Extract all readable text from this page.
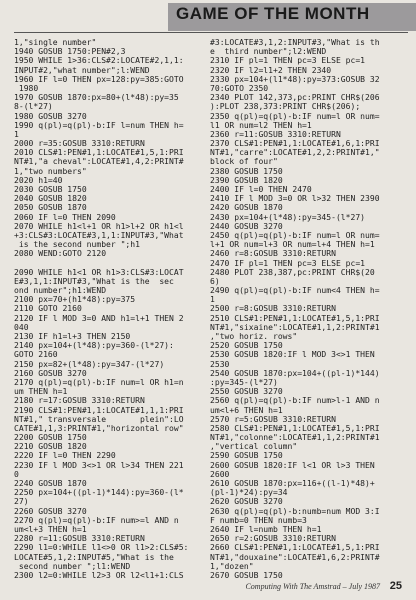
GAME OF THE MONTH
1,"single number"
1940 GOSUB 1750:PEN#2,3
1950 WHILE 1>36:CLS#2:LOCATE#2,1,1:
INPUT#2,"what number";l:WEND
1960 IF l=0 THEN px=128:py=385:GOTO
1980
1970 GOSUB 1870:px=80+(l*48):py=35
8-(l*27)
1980 GOSUB 3270
1990 q(pl)=q(pl)-b:IF l=num THEN h=
1
2000 r=35:GOSUB 3310:RETURN
2010 CLS#1:PEN#1,1:LOCATE#1,5,1:PRI
NT#1,"a cheval":LOCATE#1,4,2:PRINT#
1,"two numbers"
2020 h1=40
2030 GOSUB 1750
2040 GOSUB 1820
2050 GOSUB 1870
2060 IF l=0 THEN 2090
2070 WHILE h1<l+1 OR h1>l+2 OR h1<l
+3:CLS#3:LOCATE#3,1,1:INPUT#3,"What
is the second number ";h1
2080 WEND:GOTO 2120
2090 WHILE h1<1 OR h1>3:CLS#3:LOCAT
E#3,1,1:INPUT#3,"What is the  sec
ond number";h1:WEND
2100 px=70+(h1*48):py=375
2110 GOTO 2160
2120 IF l MOD 3=0 AND h1=l+1 THEN 2
040
2130 IF h1=l+3 THEN 2150
2140 px=104+(l*48):py=360-(l*27):
GOTO 2160
2150 px=82+(l*48):py=347-(l*27)
2160 GOSUB 3270
2170 q(pl)=q(pl)-b:IF num=l OR h1=n
um THEN h=1
2180 r=17:GOSUB 3310:RETURN
2190 CLS#1:PEN#1,1:LOCATE#1,1,1:PRI
NT#1," transversale       plein":LO
CATE#1,1,3:PRINT#1,"horizontal row"
2200 GOSUB 1750
2210 GOSUB 1820
2220 IF l=0 THEN 2290
2230 IF l MOD 3<>1 OR l>34 THEN 221
0
2240 GOSUB 1870
2250 px=104+((pl-1)*144):py=360-(l*
27)
2260 GOSUB 3270
2270 q(pl)=q(pl)-b:IF num>=l AND n
um<l+3 THEN h=1
2280 r=11:GOSUB 3310:RETURN
2290 l1=0:WHILE l1<>0 OR l1>2:CLS#5:
LOCATE#5,1,2:INPUT#5,"What is the
second number ";l1:WEND
2300 l2=0:WHILE l2>3 OR l2<l1+1:CLS
#3:LOCATE#3,1,2:INPUT#3,"What is th
e  third number";l2:WEND
2310 IF pl=1 THEN pc=3 ELSE pc=1
2320 IF l2=l1+2 THEN 2340
2330 px=104+(l1*48):py=373:GOSUB 32
70:GOTO 2350
2340 PLOT 142,373,pc:PRINT CHR$(206
):PLOT 238,373:PRINT CHR$(206);
2350 q(pl)=q(pl)-b:IF num=l OR num=
l1 OR num=l2 THEN h=1
2360 r=11:GOSUB 3310:RETURN
2370 CLS#1:PEN#1,1:LOCATE#1,6,1:PRI
NT#1,"carre":LOCATE#1,2,2:PRINT#1,"
block of four"
2380 GOSUB 1750
2390 GOSUB 1820
2400 IF l=0 THEN 2470
2410 IF l MOD 3=0 OR l>32 THEN 2390
2420 GOSUB 1870
2430 px=104+(l*48):py=345-(l*27)
2440 GOSUB 3270
2450 q(pl)=q(pl)-b:IF num=l OR num=
l+1 OR num=l+3 OR num=l+4 THEN h=1
2460 r=8:GOSUB 3310:RETURN
2470 IF pl=1 THEN pc=3 ELSE pc=1
2480 PLOT 238,387,pc:PRINT CHR$(20
6)
2490 q(pl)=q(pl)-b:IF num<4 THEN h=
1
2500 r=8:GOSUB 3310:RETURN
2510 CLS#1:PEN#1,1:LOCATE#1,5,1:PRI
NT#1,"sixaine":LOCATE#1,1,2:PRINT#1
,"two horiz. rows"
2520 GOSUB 1750
2530 GOSUB 1820:IF l MOD 3<>1 THEN
2530
2540 GOSUB 1870:px=104+((pl-1)*144)
:py=345-(l*27)
2550 GOSUB 3270
2560 q(pl)=q(pl)-b:IF num>l-1 AND n
um<l+6 THEN h=1
2570 r=5:GOSUB 3310:RETURN
2580 CLS#1:PEN#1,1:LOCATE#1,5,1:PRI
NT#1,"colonne":LOCATE#1,1,2:PRINT#1
,"vertical column"
2590 GOSUB 1750
2600 GOSUB 1820:IF l<1 OR l>3 THEN
2600
2610 GOSUB 1870:px=116+((l-1)*48)+
(pl-1)*24):py=34
2620 GOSUB 3270
2630 q(pl)=q(pl)-b:numb=num MOD 3:I
F numb=0 THEN numb=3
2640 IF l=numb THEN h=1
2650 r=2:GOSUB 3310:RETURN
2660 CLS#1:PEN#1,1:LOCATE#1,5,1:PRI
NT#1,"douxaine":LOCATE#1,6,2:PRINT#
1,"dozen"
2670 GOSUB 1750
Computing With The Amstrad – July 1987 25
